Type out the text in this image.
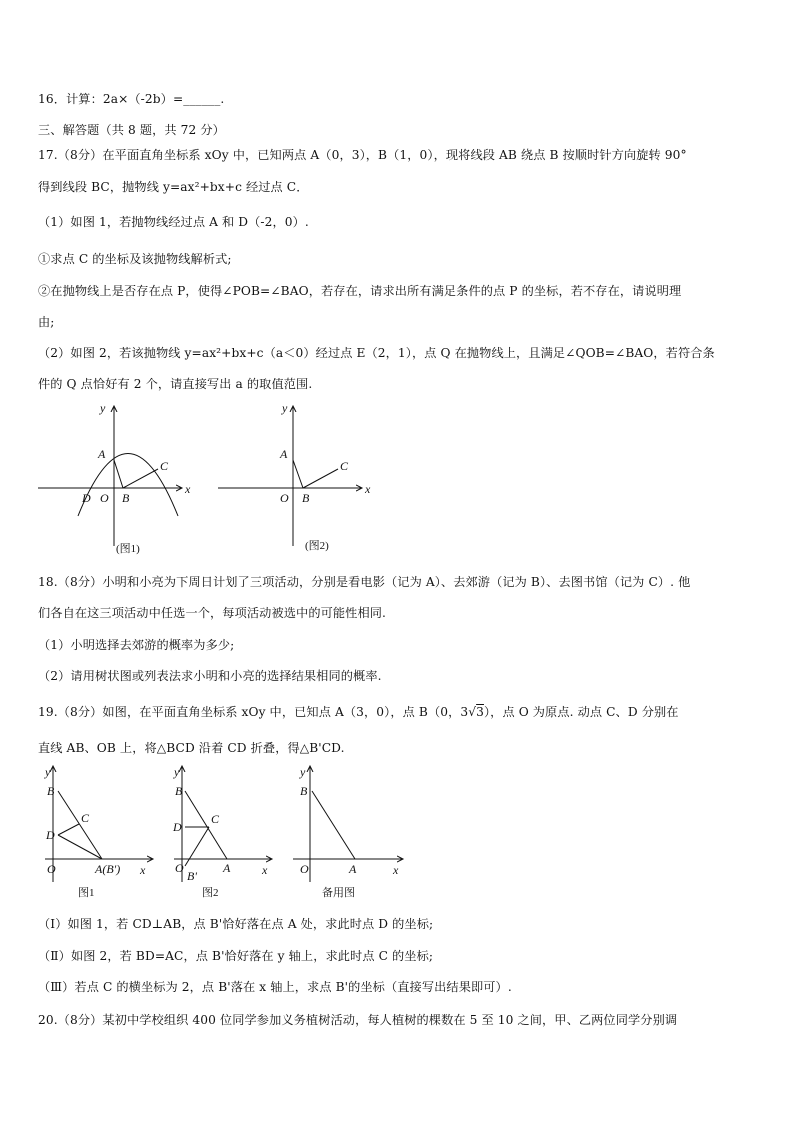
16．计算：2a×（-2b）=______.
三、解答题（共 8 题，共 72 分）
17.（8分）在平面直角坐标系 xOy 中，已知两点 A（0，3），B（1，0），现将线段 AB 绕点 B 按顺时针方向旋转 90°
得到线段 BC，抛物线 y=ax²+bx+c 经过点 C．
（1）如图 1，若抛物线经过点 A 和 D（-2，0）.
①求点 C 的坐标及该抛物线解析式;
②在抛物线上是否存在点 P，使得∠POB=∠BAO，若存在，请求出所有满足条件的点 P 的坐标，若不存在，请说明理
由;
（2）如图 2，若该抛物线 y=ax²+bx+c（a＜0）经过点 E（2，1），点 Q 在抛物线上，且满足∠QOB=∠BAO，若符合条
件的 Q 点恰好有 2 个，请直接写出 a 的取值范围.
y
x
A
C
D O B
(图1)
y
x
A
C
O B
(图2)
18.（8分）小明和小亮为下周日计划了三项活动，分别是看电影（记为 A）、去郊游（记为 B）、去图书馆（记为 C）. 他
们各自在这三项活动中任选一个，每项活动被选中的可能性相同.
（1）小明选择去郊游的概率为多少;
（2）请用树状图或列表法求小明和小亮的选择结果相同的概率.
19.（8分）如图，在平面直角坐标系 xOy 中，已知点 A（3，0），点 B（0，3√3），点 O 为原点. 动点 C、D 分别在
直线 AB、OB 上，将△BCD 沿着 CD 折叠，得△B'CD.
y
x
B
C
D
O	A(B')
图1
y
x
B
C
D
O	A
B'
图2
y
x
B
O	A
备用图
（Ⅰ）如图 1，若 CD⊥AB，点 B'恰好落在点 A 处，求此时点 D 的坐标;
（Ⅱ）如图 2，若 BD=AC，点 B'恰好落在 y 轴上，求此时点 C 的坐标;
（Ⅲ）若点 C 的横坐标为 2，点 B'落在 x 轴上，求点 B'的坐标（直接写出结果即可）.
20.（8分）某初中学校组织 400 位同学参加义务植树活动，每人植树的棵数在 5 至 10 之间，甲、乙两位同学分别调
